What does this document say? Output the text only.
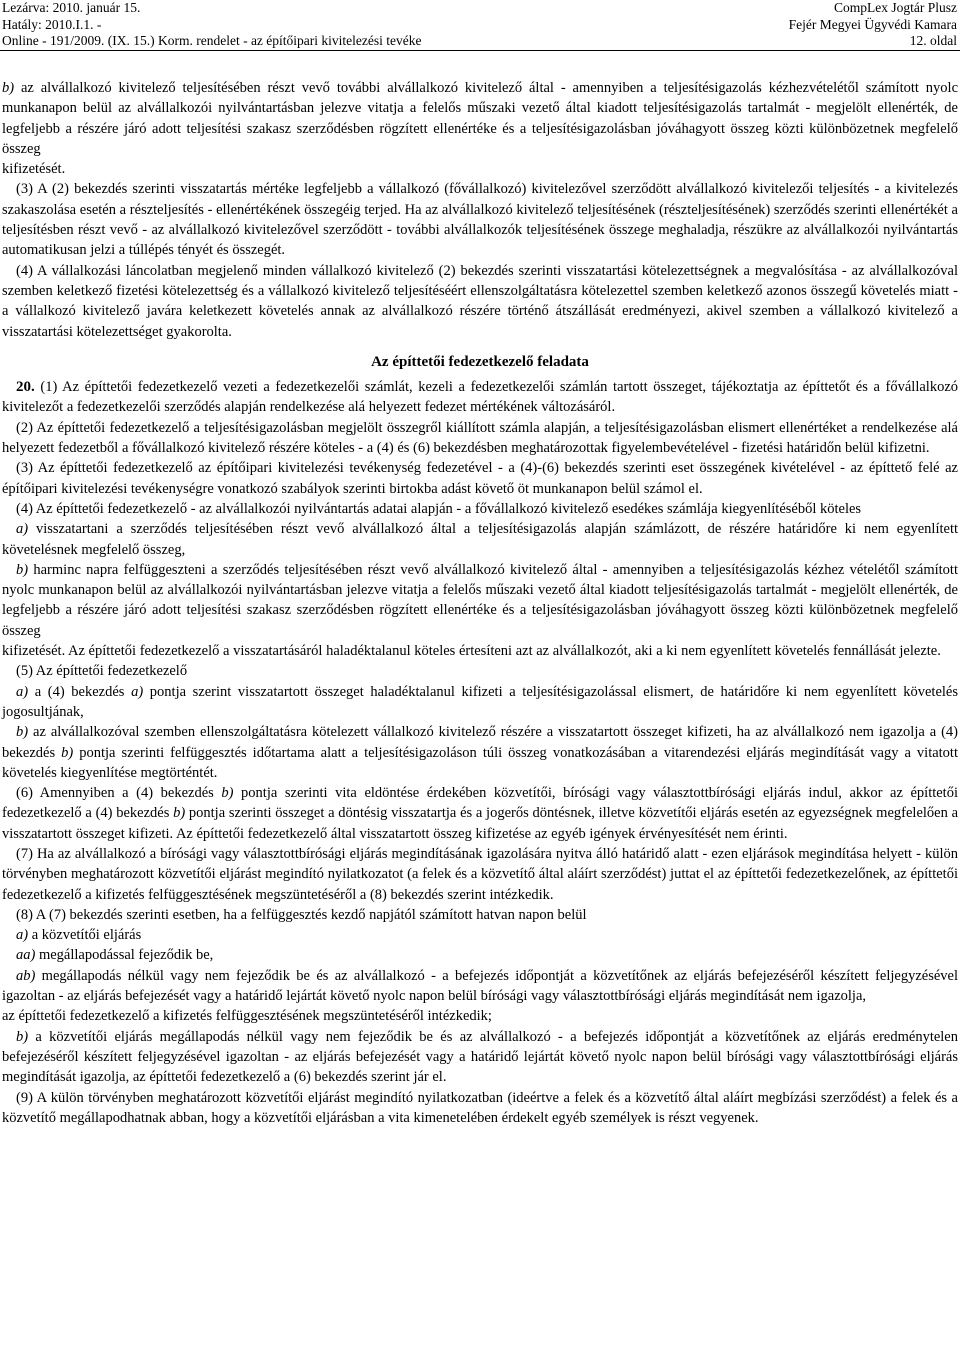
Lezárva: 2010. január 15.
Hatály: 2010.I.1. -
Online - 191/2009. (IX. 15.) Korm. rendelet - az építőipari kivitelezési tevéke
CompLex Jogtár Plusz
Fejér Megyei Ügyvédi Kamara
12. oldal

b) az alvállalkozó kivitelező teljesítésében részt vevő további alvállalkozó kivitelező által - amennyiben a teljesítésigazolás kézhezvételétől számított nyolc munkanapon belül az alvállalkozói nyilvántartásban jelezve vitatja a felelős műszaki vezető által kiadott teljesítésigazolás tartalmát - megjelölt ellenérték, de legfeljebb a részére járó adott teljesítési szakasz szerződésben rögzített ellenértéke és a teljesítésigazolásban jóváhagyott összeg közti különbözetnek megfelelő összeg

kifizetését.

(3) A (2) bekezdés szerinti visszatartás mértéke legfeljebb a vállalkozó (fővállalkozó) kivitelezővel szerződött alvállalkozó kivitelezői teljesítés - a kivitelezés szakaszolása esetén a részteljesítés - ellenértékének összegéig terjed. Ha az alvállalkozó kivitelező teljesítésének (részteljesítésének) szerződés szerinti ellenértékét a teljesítésben részt vevő - az alvállalkozó kivitelezővel szerződött - további alvállalkozók teljesítésének összege meghaladja, részükre az alvállalkozói nyilvántartás automatikusan jelzi a túllépés tényét és összegét.

(4) A vállalkozási láncolatban megjelenő minden vállalkozó kivitelező (2) bekezdés szerinti visszatartási kötelezettségnek a megvalósítása - az alvállalkozóval szemben keletkező fizetési kötelezettség és a vállalkozó kivitelező teljesítéséért ellenszolgáltatásra kötelezettel szemben keletkező azonos összegű követelés miatt - a vállalkozó kivitelező javára keletkezett követelés annak az alvállalkozó részére történő átszállását eredményezi, akivel szemben a vállalkozó kivitelező a visszatartási kötelezettséget gyakorolta.

Az építtetői fedezetkezelő feladata

20. (1) Az építtetői fedezetkezelő vezeti a fedezetkezelői számlát, kezeli a fedezetkezelői számlán tartott összeget, tájékoztatja az építtetőt és a fővállalkozó kivitelezőt a fedezetkezelői szerződés alapján rendelkezése alá helyezett fedezet mértékének változásáról.

(2) Az építtetői fedezetkezelő a teljesítésigazolásban megjelölt összegről kiállított számla alapján, a teljesítésigazolásban elismert ellenértéket a rendelkezése alá helyezett fedezetből a fővállalkozó kivitelező részére köteles - a (4) és (6) bekezdésben meghatározottak figyelembevételével - fizetési határidőn belül kifizetni.

(3) Az építtetői fedezetkezelő az építőipari kivitelezési tevékenység fedezetével - a (4)-(6) bekezdés szerinti eset összegének kivételével - az építtető felé az építőipari kivitelezési tevékenységre vonatkozó szabályok szerinti birtokba adást követő öt munkanapon belül számol el.

(4) Az építtetői fedezetkezelő - az alvállalkozói nyilvántartás adatai alapján - a fővállalkozó kivitelező esedékes számlája kiegyenlítéséből köteles

a) visszatartani a szerződés teljesítésében részt vevő alvállalkozó által a teljesítésigazolás alapján számlázott, de részére határidőre ki nem egyenlített követelésnek megfelelő összeg,

b) harminc napra felfüggeszteni a szerződés teljesítésében részt vevő alvállalkozó kivitelező által - amennyiben a teljesítésigazolás kézhez vételétől számított nyolc munkanapon belül az alvállalkozói nyilvántartásban jelezve vitatja a felelős műszaki vezető által kiadott teljesítésigazolás tartalmát - megjelölt ellenérték, de legfeljebb a részére járó adott teljesítési szakasz szerződésben rögzített ellenértéke és a teljesítésigazolásban jóváhagyott összeg közti különbözetnek megfelelő összeg

kifizetését. Az építtetői fedezetkezelő a visszatartásáról haladéktalanul köteles értesíteni azt az alvállalkozót, aki a ki nem egyenlített követelés fennállását jelezte.

(5) Az építtetői fedezetkezelő

a) a (4) bekezdés a) pontja szerint visszatartott összeget haladéktalanul kifizeti a teljesítésigazolással elismert, de határidőre ki nem egyenlített követelés jogosultjának,

b) az alvállalkozóval szemben ellenszolgáltatásra kötelezett vállalkozó kivitelező részére a visszatartott összeget kifizeti, ha az alvállalkozó nem igazolja a (4) bekezdés b) pontja szerinti felfüggesztés időtartama alatt a teljesítésigazoláson túli összeg vonatkozásában a vitarendezési eljárás megindítását vagy a vitatott követelés kiegyenlítése megtörténtét.

(6) Amennyiben a (4) bekezdés b) pontja szerinti vita eldöntése érdekében közvetítői, bírósági vagy választottbírósági eljárás indul, akkor az építtetői fedezetkezelő a (4) bekezdés b) pontja szerinti összeget a döntésig visszatartja és a jogerős döntésnek, illetve közvetítői eljárás esetén az egyezségnek megfelelően a visszatartott összeget kifizeti. Az építtetői fedezetkezelő által visszatartott összeg kifizetése az egyéb igények érvényesítését nem érinti.

(7) Ha az alvállalkozó a bírósági vagy választottbírósági eljárás megindításának igazolására nyitva álló határidő alatt - ezen eljárások megindítása helyett - külön törvényben meghatározott közvetítői eljárást megindító nyilatkozatot (a felek és a közvetítő által aláírt szerződést) juttat el az építtetői fedezetkezelőnek, az építtetői fedezetkezelő a kifizetés felfüggesztésének megszüntetéséről a (8) bekezdés szerint intézkedik.

(8) A (7) bekezdés szerinti esetben, ha a felfüggesztés kezdő napjától számított hatvan napon belül

a) a közvetítői eljárás

aa) megállapodással fejeződik be,

ab) megállapodás nélkül vagy nem fejeződik be és az alvállalkozó - a befejezés időpontját a közvetítőnek az eljárás befejezéséről készített feljegyzésével igazoltan - az eljárás befejezését vagy a határidő lejártát követő nyolc napon belül bírósági vagy választottbírósági eljárás megindítását nem igazolja,

az építtetői fedezetkezelő a kifizetés felfüggesztésének megszüntetéséről intézkedik;

b) a közvetítői eljárás megállapodás nélkül vagy nem fejeződik be és az alvállalkozó - a befejezés időpontját a közvetítőnek az eljárás eredménytelen befejezéséről készített feljegyzésével igazoltan - az eljárás befejezését vagy a határidő lejártát követő nyolc napon belül bírósági vagy választottbírósági eljárás megindítását igazolja, az építtetői fedezetkezelő a (6) bekezdés szerint jár el.

(9) A külön törvényben meghatározott közvetítői eljárást megindító nyilatkozatban (ideértve a felek és a közvetítő által aláírt megbízási szerződést) a felek és a közvetítő megállapodhatnak abban, hogy a közvetítői eljárásban a vita kimenetelében érdekelt egyéb személyek is részt vegyenek.
